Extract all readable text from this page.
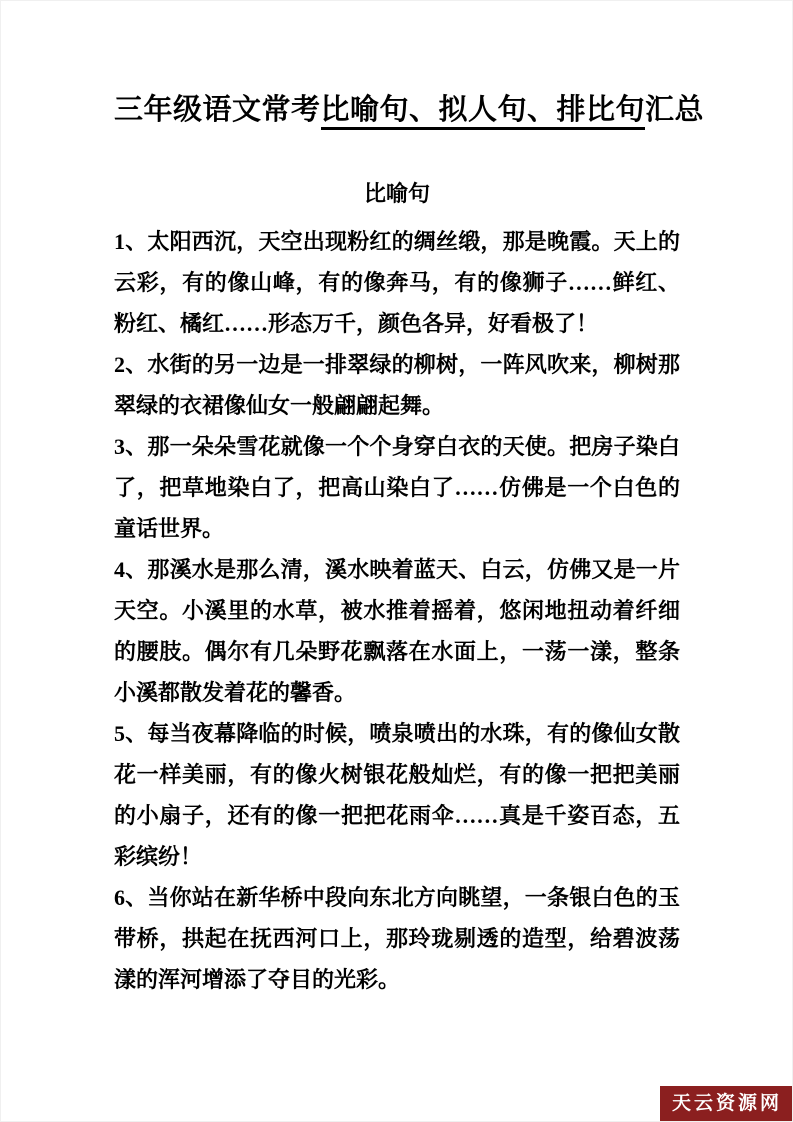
三年级语文常考比喻句、拟人句、排比句汇总
比喻句

1、太阳西沉，天空出现粉红的绸丝缎，那是晚霞。天上的云彩，有的像山峰，有的像奔马，有的像狮子……鲜红、粉红、橘红……形态万千，颜色各异，好看极了！

2、水街的另一边是一排翠绿的柳树，一阵风吹来，柳树那翠绿的衣裙像仙女一般翩翩起舞。

3、那一朵朵雪花就像一个个身穿白衣的天使。把房子染白了，把草地染白了，把高山染白了……仿佛是一个白色的童话世界。

4、那溪水是那么清，溪水映着蓝天、白云，仿佛又是一片天空。小溪里的水草，被水推着摇着，悠闲地扭动着纤细的腰肢。偶尔有几朵野花飘落在水面上，一荡一漾，整条小溪都散发着花的馨香。

5、每当夜幕降临的时候，喷泉喷出的水珠，有的像仙女散花一样美丽，有的像火树银花般灿烂，有的像一把把美丽的小扇子，还有的像一把把花雨伞……真是千姿百态，五彩缤纷！

6、当你站在新华桥中段向东北方向眺望，一条银白色的玉带桥，拱起在抚西河口上，那玲珑剔透的造型，给碧波荡漾的浑河增添了夺目的光彩。

天云资源网
